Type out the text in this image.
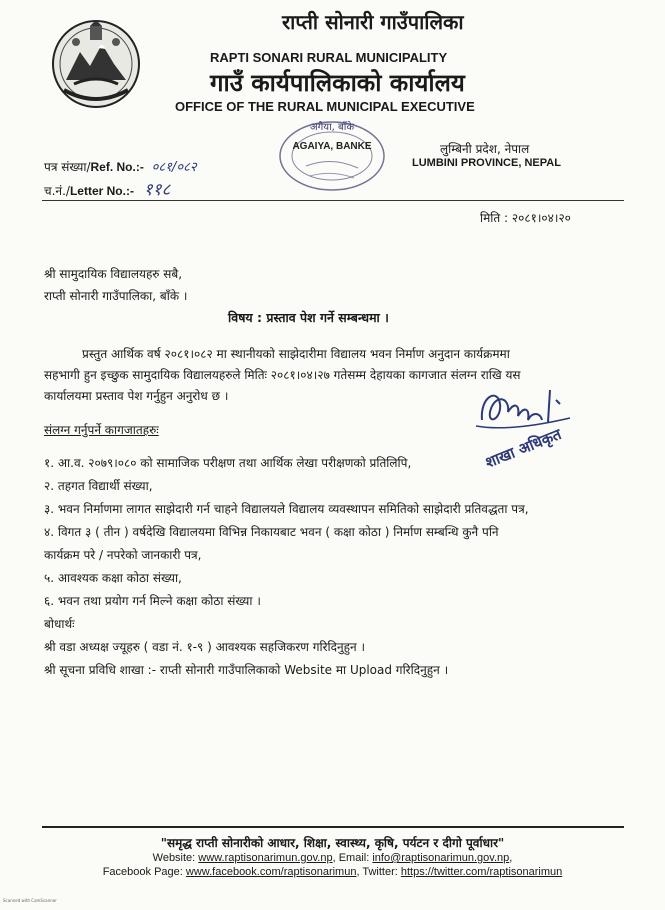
राप्ती सोनारी गाउँपालिका
RAPTI SONARI RURAL MUNICIPALITY
गाउँ कार्यपालिकाको कार्यालय
OFFICE OF THE RURAL MUNICIPAL EXECUTIVE
अगैया, बाँके
AGAIYA, BANKE	लुम्बिनी प्रदेश, नेपाल
LUMBINI PROVINCE, NEPAL
पत्र संख्या/Ref. No.:- ०८१/०८२
च.नं./Letter No.:- ११८
मिति : २०८१।०४।२०
श्री सामुदायिक विद्यालयहरु सबै,
राप्ती सोनारी गाउँपालिका, बाँके ।
विषय : प्रस्ताव पेश गर्ने सम्बन्धमा ।
प्रस्तुत आर्थिक वर्ष २०८१।०८२ मा स्थानीयको साझेदारीमा विद्यालय भवन निर्माण अनुदान कार्यक्रममा
सहभागी हुन इच्छुक सामुदायिक विद्यालयहरुले मितिः २०८१।०४।२७ गतेसम्म देहायका कागजात संलग्न राखि यस
कार्यालयमा प्रस्ताव पेश गर्नुहुन अनुरोध छ ।
संलग्न गर्नुपर्ने कागजातहरुः	शाखा अधिकृत
१. आ.व. २०७९।०८० को सामाजिक परीक्षण तथा आर्थिक लेखा परीक्षणको प्रतिलिपि,
२. तहगत विद्यार्थी संख्या,
३. भवन निर्माणमा लागत साझेदारी गर्न चाहने विद्यालयले विद्यालय व्यवस्थापन समितिको साझेदारी प्रतिवद्धता पत्र,
४. विगत ३ ( तीन ) वर्षदेखि विद्यालयमा विभिन्न निकायबाट भवन ( कक्षा कोठा ) निर्माण सम्बन्धि कुनै पनि
कार्यक्रम परे / नपरेको जानकारी पत्र,
५. आवश्यक कक्षा कोठा संख्या,
६. भवन तथा प्रयोग गर्न मिल्ने कक्षा कोठा संख्या ।
बोधार्थः
श्री वडा अध्यक्ष ज्यूहरु ( वडा नं. १-९ ) आवश्यक सहजिकरण गरिदिनुहुन ।
श्री सूचना प्रविधि शाखा :- राप्ती सोनारी गाउँपालिकाको Website मा Upload गरिदिनुहुन ।
"समृद्ध राप्ती सोनारीको आधार, शिक्षा, स्वास्थ्य, कृषि, पर्यटन र दीगो पूर्वाधार"
Website: www.raptisonarimun.gov.np, Email: info@raptisonarimun.gov.np,
Facebook Page: www.facebook.com/raptisonarimun, Twitter: https://twitter.com/raptisonarimun
Scanned with CamScanner
